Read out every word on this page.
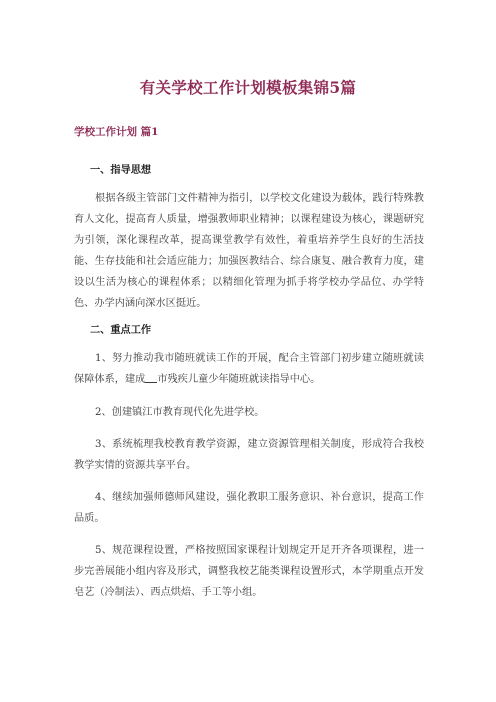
有关学校工作计划模板集锦5篇
学校工作计划 篇1
一、指导思想
根据各级主管部门文件精神为指引，以学校文化建设为载体，践行特殊教育人文化，提高育人质量，增强教师职业精神；以课程建设为核心，课题研究为引领，深化课程改革，提高课堂教学有效性，着重培养学生良好的生活技能、生存技能和社会适应能力；加强医教结合、综合康复、融合教育力度，建设以生活为核心的课程体系；以精细化管理为抓手将学校办学品位、办学特色、办学内涵向深水区挺近。
二、重点工作
1、努力推动我市随班就读工作的开展，配合主管部门初步建立随班就读保障体系，建成 市残疾儿童少年随班就读指导中心。
2、创建镇江市教育现代化先进学校。
3、系统梳理我校教育教学资源，建立资源管理相关制度，形成符合我校教学实情的资源共享平台。
4、继续加强师德师风建设，强化教职工服务意识、补台意识，提高工作品质。
5、规范课程设置，严格按照国家课程计划规定开足开齐各项课程，进一步完善展能小组内容及形式，调整我校艺能类课程设置形式，本学期重点开发皂艺（冷制法）、西点烘焙、手工等小组。
